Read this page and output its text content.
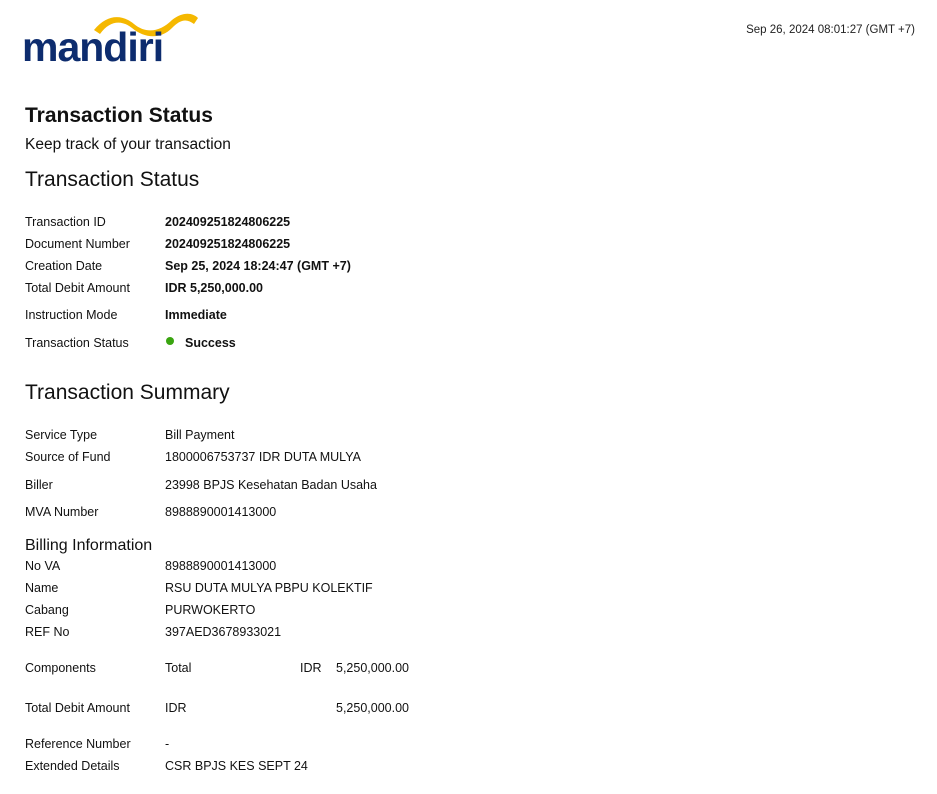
mandiri	Sep 26, 2024 08:01:27 (GMT +7)
Transaction Status
Keep track of your transaction
Transaction Status
Transaction ID	202409251824806225
Document Number	202409251824806225
Creation Date	Sep 25, 2024 18:24:47 (GMT +7)
Total Debit Amount	IDR 5,250,000.00
Instruction Mode	Immediate
Transaction Status	Success
Transaction Summary
Service Type	Bill Payment
Source of Fund	1800006753737 IDR DUTA MULYA
Biller	23998 BPJS Kesehatan Badan Usaha
MVA Number	8988890001413000
Billing Information
No VA	8988890001413000
Name	RSU DUTA MULYA PBPU KOLEKTIF
Cabang	PURWOKERTO
REF No	397AED3678933021
Components	Total	IDR 5,250,000.00
Total Debit Amount	IDR	5,250,000.00
Reference Number	-
Extended Details	CSR BPJS KES SEPT 24
